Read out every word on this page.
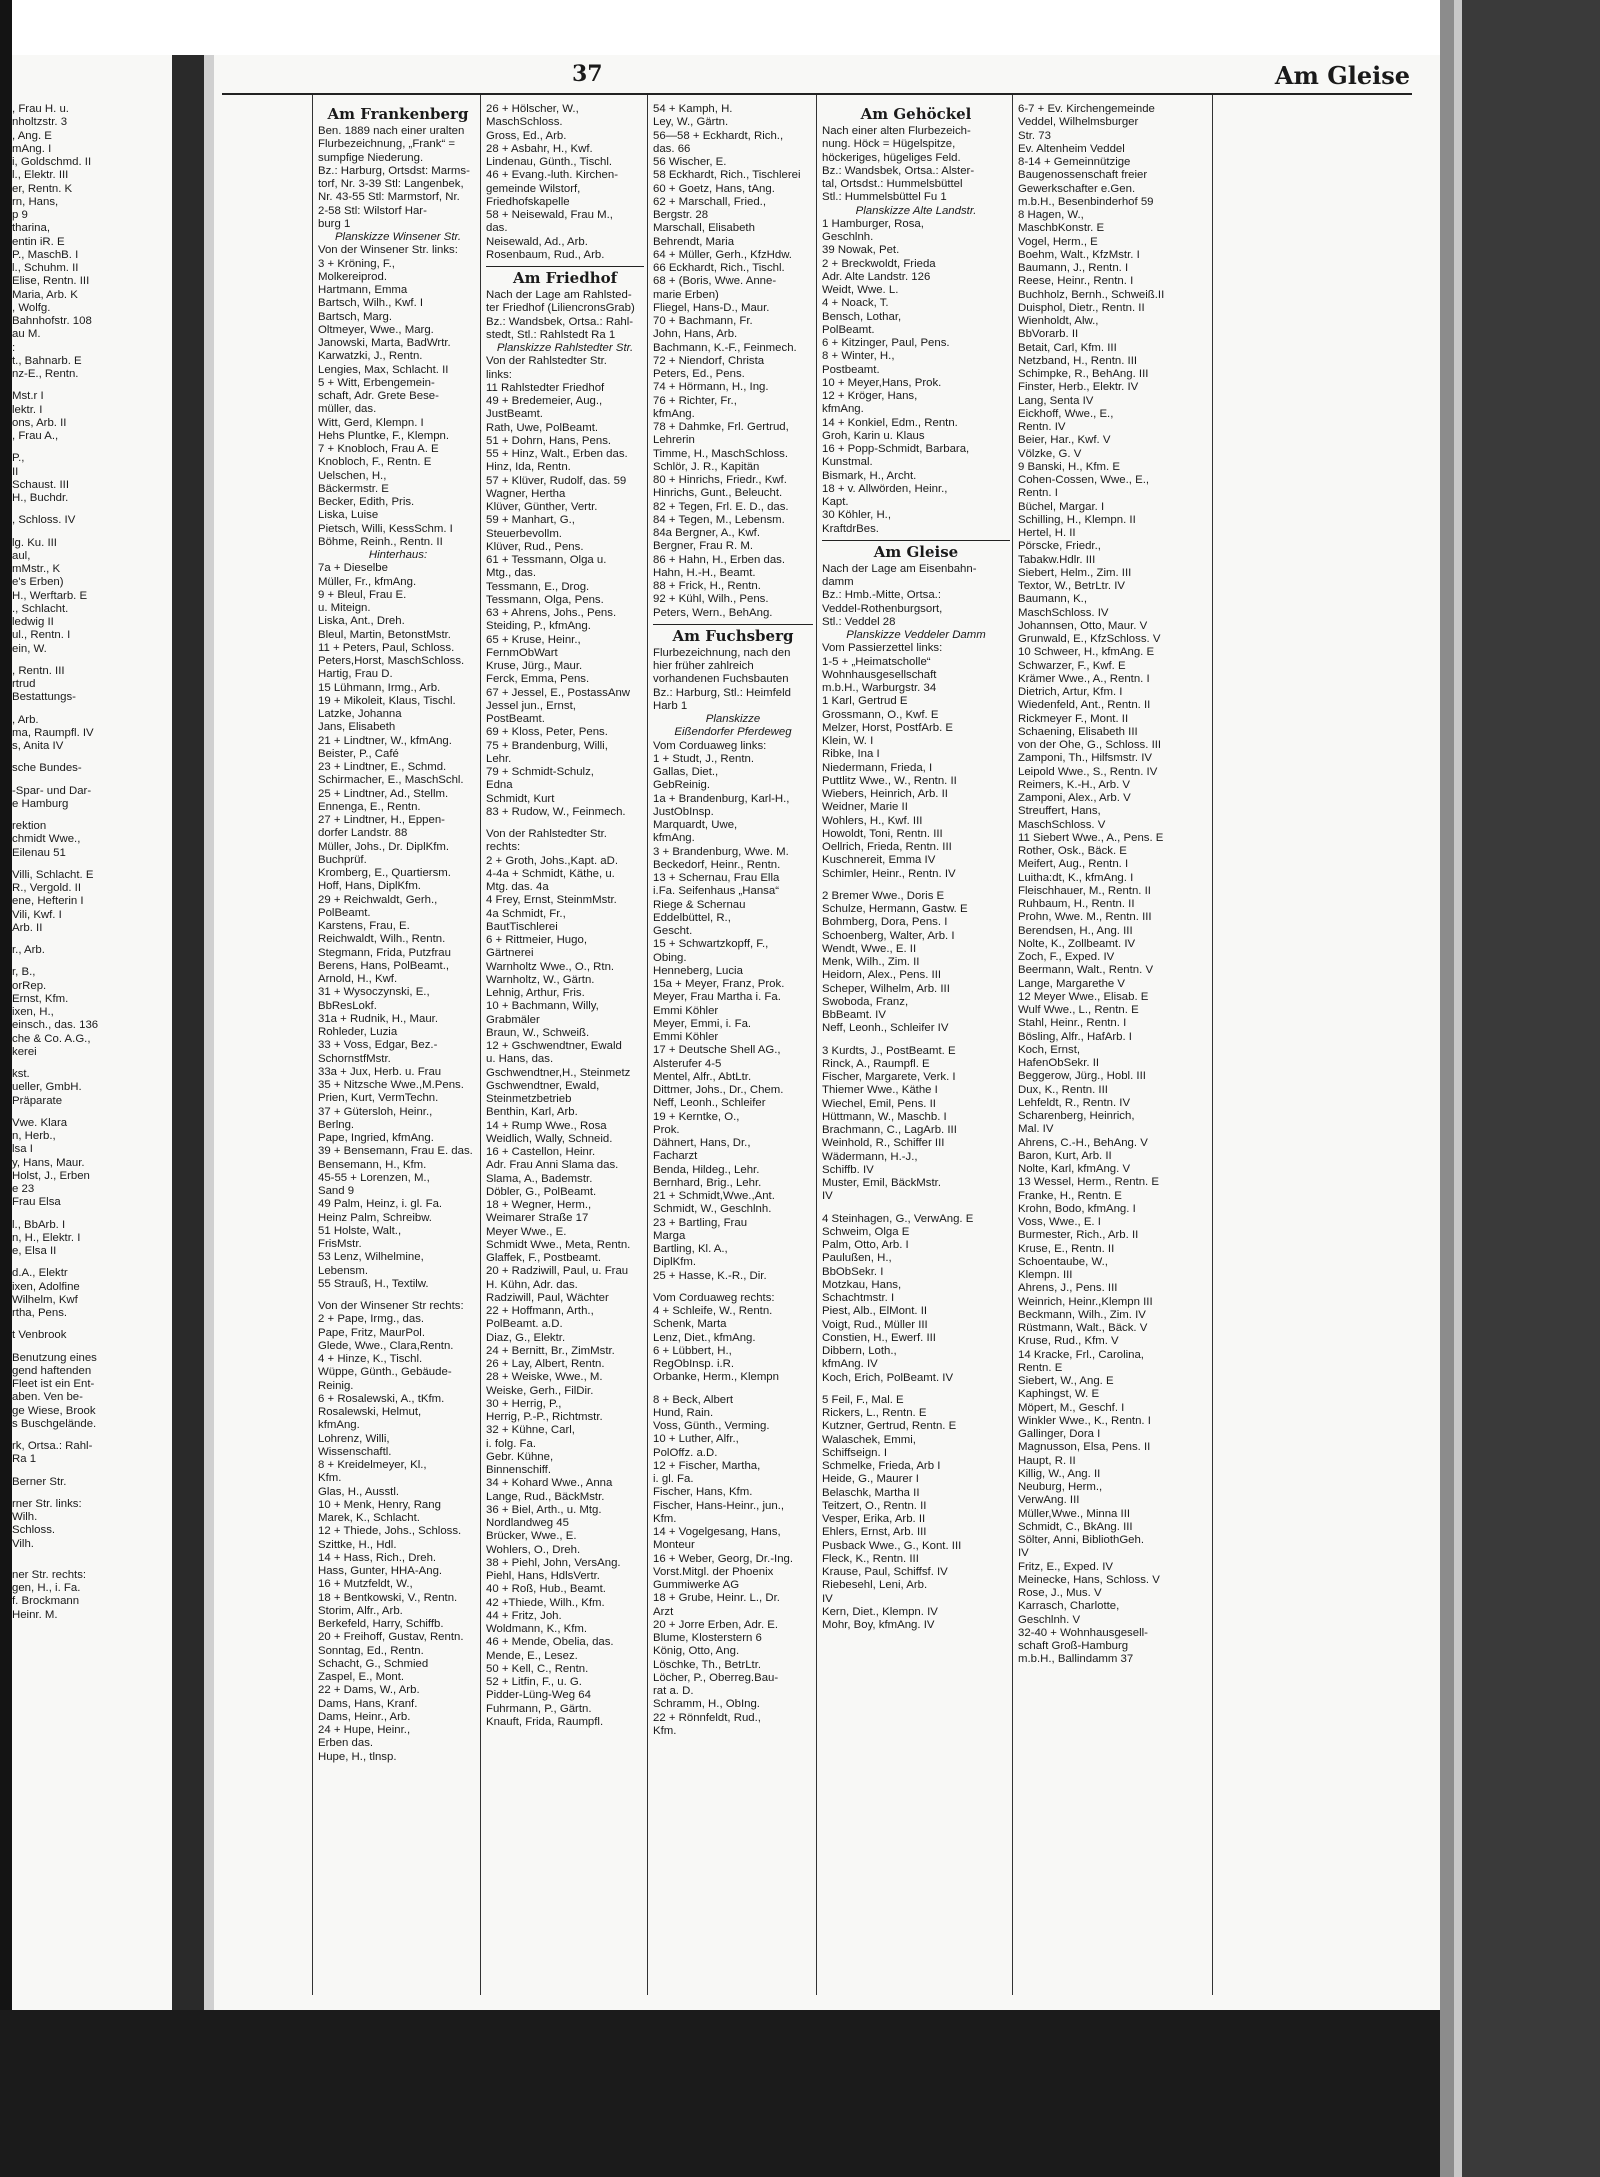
37	Am Gleise
, Frau H. u.
nholtzstr. 3
, Ang. E
mAng. I
i, Goldschmd. II
l., Elektr. III
er, Rentn. K
rn, Hans,
p 9
tharina,
entin iR. E
P., MaschB. I
l., Schuhm. II
Elise, Rentn. III
Maria, Arb. K
, Wolfg.
Bahnhofstr. 108
au M.
:
t., Bahnarb. E
nz-E., Rentn.
Mst.r I
lektr. I
ons, Arb. II
, Frau A.,
P.,
II
Schaust. III
H., Buchdr.
, Schloss. IV
lg. Ku. III
aul,
mMstr., K
e's Erben)
H., Werftarb. E
., Schlacht.
ledwig II
ul., Rentn. I
ein, W.
, Rentn. III
rtrud
Bestattungs-
, Arb.
ma, Raumpfl. IV
s, Anita IV
sche Bundes-
-Spar- und Dar-
e Hamburg
rektion
chmidt Wwe.,
Eilenau 51
Villi, Schlacht. E
R., Vergold. II
ene, Hefterin I
Vili, Kwf. I
Arb. II
r., Arb.
r, B.,
orRep.
Ernst, Kfm.
ixen, H.,
einsch., das. 136
che & Co. A.G.,
kerei
kst.
ueller, GmbH.
Präparate
Vwe. Klara
n, Herb.,
lsa I
y, Hans, Maur.
Holst, J., Erben
e 23
Frau Elsa
l., BbArb. I
n, H., Elektr. I
e, Elsa II
d.A., Elektr
ixen, Adolfine
Wilhelm, Kwf
rtha, Pens.
t Venbrook
Benutzung eines
gend haftenden
Fleet ist ein Ent-
aben. Ven be-
ge Wiese, Brook
s Buschgelände.
rk, Ortsa.: Rahl-
Ra 1
Berner Str.
rner Str. links:
Wilh.
Schloss.
Vilh.
ner Str. rechts:
gen, H., i. Fa.
f. Brockmann
Heinr. M.
Am Frankenberg
Ben. 1889 nach einer uralten
Flurbezeichnung, „Frank“ =
sumpfige Niederung.
Bz.: Harburg, Ortsdst: Marms-
torf, Nr. 3-39 Stl: Langenbek,
Nr. 43-55 Stl: Marmstorf, Nr.
2-58 Stl: Wilstorf Har-
burg 1
Planskizze Winsener Str.
Von der Winsener Str. links:
3 + Kröning, F.,
Molkereiprod.
Hartmann, Emma
Bartsch, Wilh., Kwf. I
Bartsch, Marg.
Oltmeyer, Wwe., Marg.
Janowski, Marta, BadWrtr.
Karwatzki, J., Rentn.
Lengies, Max, Schlacht. II
5 + Witt, Erbengemein-
schaft, Adr. Grete Bese-
müller, das.
Witt, Gerd, Klempn. I
Hehs Pluntke, F., Klempn.
7 + Knobloch, Frau A. E
Knobloch, F., Rentn. E
Uelschen, H.,
Bäckermstr. E
Becker, Edith, Pris.
Liska, Luise
Pietsch, Willi, KessSchm. I
Böhme, Reinh., Rentn. II
Hinterhaus:
7a + Dieselbe
Müller, Fr., kfmAng.
9 + Bleul, Frau E.
u. Miteign.
Liska, Ant., Dreh.
Bleul, Martin, BetonstMstr.
11 + Peters, Paul, Schloss.
Peters,Horst, MaschSchloss.
Hartig, Frau D.
15 Lühmann, Irmg., Arb.
19 + Mikoleit, Klaus, Tischl.
Latzke, Johanna
Jans, Elisabeth
21 + Lindtner, W., kfmAng.
Beister, P., Café
23 + Lindtner, E., Schmd.
Schirmacher, E., MaschSchl.
25 + Lindtner, Ad., Stellm.
Ennenga, E., Rentn.
27 + Lindtner, H., Eppen-
dorfer Landstr. 88
Müller, Johs., Dr. DiplKfm.
Buchprüf.
Kromberg, E., Quartiersm.
Hoff, Hans, DiplKfm.
29 + Reichwaldt, Gerh.,
PolBeamt.
Karstens, Frau, E.
Reichwaldt, Wilh., Rentn.
Stegmann, Frida, Putzfrau
Berens, Hans, PolBeamt.,
Arnold, H., Kwf.
31 + Wysoczynski, E.,
BbResLokf.
31a + Rudnik, H., Maur.
Rohleder, Luzia
33 + Voss, Edgar, Bez.-
SchornstfMstr.
33a + Jux, Herb. u. Frau
35 + Nitzsche Wwe.,M.Pens.
Prien, Kurt, VermTechn.
37 + Gütersloh, Heinr.,
Berlng.
Pape, Ingried, kfmAng.
39 + Bensemann, Frau E. das.
Bensemann, H., Kfm.
45-55 + Lorenzen, M.,
Sand 9
49 Palm, Heinz, i. gl. Fa.
Heinz Palm, Schreibw.
51 Holste, Walt.,
FrisMstr.
53 Lenz, Wilhelmine,
Lebensm.
55 Strauß, H., Textilw.
Von der Winsener Str rechts:
2 + Pape, Irmg., das.
Pape, Fritz, MaurPol.
Glede, Wwe., Clara,Rentn.
4 + Hinze, K., Tischl.
Wüppe, Günth., Gebäude-
Reinig.
6 + Rosalewski, A., tKfm.
Rosalewski, Helmut,
kfmAng.
Lohrenz, Willi,
Wissenschaftl.
8 + Kreidelmeyer, Kl.,
Kfm.
Glas, H., Ausstl.
10 + Menk, Henry, Rang
Marek, K., Schlacht.
12 + Thiede, Johs., Schloss.
Szittke, H., Hdl.
14 + Hass, Rich., Dreh.
Hass, Gunter, HHA-Ang.
16 + Mutzfeldt, W.,
18 + Bentkowski, V., Rentn.
Storim, Alfr., Arb.
Berkefeld, Harry, Schiffb.
20 + Freihoff, Gustav, Rentn.
Sonntag, Ed., Rentn.
Schacht, G., Schmied
Zaspel, E., Mont.
22 + Dams, W., Arb.
Dams, Hans, Kranf.
Dams, Heinr., Arb.
24 + Hupe, Heinr.,
Erben das.
Hupe, H., tlnsp.
26 + Hölscher, W.,
MaschSchloss.
Gross, Ed., Arb.
28 + Asbahr, H., Kwf.
Lindenau, Günth., Tischl.
46 + Evang.-luth. Kirchen-
gemeinde Wilstorf,
Friedhofskapelle
58 + Neisewald, Frau M.,
das.
Neisewald, Ad., Arb.
Rosenbaum, Rud., Arb.
Am Friedhof
Nach der Lage am Rahlsted-
ter Friedhof (LiliencronsGrab)
Bz.: Wandsbek, Ortsa.: Rahl-
stedt, Stl.: Rahlstedt Ra 1
Planskizze Rahlstedter Str.
Von der Rahlstedter Str.
links:
11 Rahlstedter Friedhof
49 + Bredemeier, Aug.,
JustBeamt.
Rath, Uwe, PolBeamt.
51 + Dohrn, Hans, Pens.
55 + Hinz, Walt., Erben das.
Hinz, Ida, Rentn.
57 + Klüver, Rudolf, das. 59
Wagner, Hertha
Klüver, Günther, Vertr.
59 + Manhart, G.,
Steuerbevollm.
Klüver, Rud., Pens.
61 + Tessmann, Olga u.
Mtg., das.
Tessmann, E., Drog.
Tessmann, Olga, Pens.
63 + Ahrens, Johs., Pens.
Steiding, P., kfmAng.
65 + Kruse, Heinr.,
FernmObWart
Kruse, Jürg., Maur.
Ferck, Emma, Pens.
67 + Jessel, E., PostassAnw
Jessel jun., Ernst,
PostBeamt.
69 + Kloss, Peter, Pens.
75 + Brandenburg, Willi,
Lehr.
79 + Schmidt-Schulz,
Edna
Schmidt, Kurt
83 + Rudow, W., Feinmech.
Von der Rahlstedter Str.
rechts:
2 + Groth, Johs.,Kapt. aD.
4-4a + Schmidt, Käthe, u.
Mtg. das. 4a
4 Frey, Ernst, SteinmMstr.
4a Schmidt, Fr.,
BautTischlerei
6 + Rittmeier, Hugo,
Gärtnerei
Warnholtz Wwe., O., Rtn.
Warnholtz, W., Gärtn.
Lehnig, Arthur, Fris.
10 + Bachmann, Willy,
Grabmäler
Braun, W., Schweiß.
12 + Gschwendtner, Ewald
u. Hans, das.
Gschwendtner,H., Steinmetz
Gschwendtner, Ewald,
Steinmetzbetrieb
Benthin, Karl, Arb.
14 + Rump Wwe., Rosa
Weidlich, Wally, Schneid.
16 + Castellon, Heinr.
Adr. Frau Anni Slama das.
Slama, A., Bademstr.
Döbler, G., PolBeamt.
18 + Wegner, Herm.,
Weimarer Straße 17
Meyer Wwe., E.
Schmidt Wwe., Meta, Rentn.
Glaffek, F., Postbeamt.
20 + Radziwill, Paul, u. Frau
H. Kühn, Adr. das.
Radziwill, Paul, Wächter
22 + Hoffmann, Arth.,
PolBeamt. a.D.
Diaz, G., Elektr.
24 + Bernitt, Br., ZimMstr.
26 + Lay, Albert, Rentn.
28 + Weiske, Wwe., M.
Weiske, Gerh., FilDir.
30 + Herrig, P.,
Herrig, P.-P., Richtmstr.
32 + Kühne, Carl,
i. folg. Fa.
Gebr. Kühne,
Binnenschiff.
34 + Kohard Wwe., Anna
Lange, Rud., BäckMstr.
36 + Biel, Arth., u. Mtg.
Nordlandweg 45
Brücker, Wwe., E.
Wohlers, O., Dreh.
38 + Piehl, John, VersAng.
Piehl, Hans, HdlsVertr.
40 + Roß, Hub., Beamt.
42 +Thiede, Wilh., Kfm.
44 + Fritz, Joh.
Woldmann, K., Kfm.
46 + Mende, Obelia, das.
Mende, E., Lesez.
50 + Kell, C., Rentn.
52 + Litfin, F., u. G.
Pidder-Lüng-Weg 64
Fuhrmann, P., Gärtn.
Knauft, Frida, Raumpfl.
54 + Kamph, H.
Ley, W., Gärtn.
56—58 + Eckhardt, Rich.,
das. 66
56 Wischer, E.
58 Eckhardt, Rich., Tischlerei
60 + Goetz, Hans, tAng.
62 + Marschall, Fried.,
Bergstr. 28
Marschall, Elisabeth
Behrendt, Maria
64 + Müller, Gerh., KfzHdw.
66 Eckhardt, Rich., Tischl.
68 + (Boris, Wwe. Anne-
marie Erben)
Fliegel, Hans-D., Maur.
70 + Bachmann, Fr.
John, Hans, Arb.
Bachmann, K.-F., Feinmech.
72 + Niendorf, Christa
Peters, Ed., Pens.
74 + Hörmann, H., Ing.
76 + Richter, Fr.,
kfmAng.
78 + Dahmke, Frl. Gertrud,
Lehrerin
Timme, H., MaschSchloss.
Schlör, J. R., Kapitän
80 + Hinrichs, Friedr., Kwf.
Hinrichs, Gunt., Beleucht.
82 + Tegen, Frl. E. D., das.
84 + Tegen, M., Lebensm.
84a Bergner, A., Kwf.
Bergner, Frau R. M.
86 + Hahn, H., Erben das.
Hahn, H.-H., Beamt.
88 + Frick, H., Rentn.
92 + Kühl, Wilh., Pens.
Peters, Wern., BehAng.
Am Fuchsberg
Flurbezeichnung, nach den
hier früher zahlreich
vorhandenen Fuchsbauten
Bz.: Harburg, Stl.: Heimfeld
Harb 1
Planskizze
Eißendorfer Pferdeweg
Vom Corduaweg links:
1 + Studt, J., Rentn.
Gallas, Diet.,
GebReinig.
1a + Brandenburg, Karl-H.,
JustObInsp.
Marquardt, Uwe,
kfmAng.
3 + Brandenburg, Wwe. M.
Beckedorf, Heinr., Rentn.
13 + Schernau, Frau Ella
i.Fa. Seifenhaus „Hansa“
Riege & Schernau
Eddelbüttel, R.,
Gescht.
15 + Schwartzkopff, F.,
Obing.
Henneberg, Lucia
15a + Meyer, Franz, Prok.
Meyer, Frau Martha i. Fa.
Emmi Köhler
Meyer, Emmi, i. Fa.
Emmi Köhler
17 + Deutsche Shell AG.,
Alsterufer 4-5
Mentel, Alfr., AbtLtr.
Dittmer, Johs., Dr., Chem.
Neff, Leonh., Schleifer
19 + Kerntke, O.,
Prok.
Dähnert, Hans, Dr.,
Facharzt
Benda, Hildeg., Lehr.
Bernhard, Brig., Lehr.
21 + Schmidt,Wwe.,Ant.
Schmidt, W., Geschlnh.
23 + Bartling, Frau
Marga
Bartling, Kl. A.,
DiplKfm.
25 + Hasse, K.-R., Dir.
Vom Corduaweg rechts:
4 + Schleife, W., Rentn.
Schenk, Marta
Lenz, Diet., kfmAng.
6 + Lübbert, H.,
RegObInsp. i.R.
Orbanke, Herm., Klempn
8 + Beck, Albert
Hund, Rain.
Voss, Günth., Verming.
10 + Luther, Alfr.,
PolOffz. a.D.
12 + Fischer, Martha,
i. gl. Fa.
Fischer, Hans, Kfm.
Fischer, Hans-Heinr., jun.,
Kfm.
14 + Vogelgesang, Hans,
Monteur
16 + Weber, Georg, Dr.-Ing.
Vorst.Mitgl. der Phoenix
Gummiwerke AG
18 + Grube, Heinr. L., Dr.
Arzt
20 + Jorre Erben, Adr. E.
Blume, Klosterstern 6
König, Otto, Ang.
Löschke, Th., BetrLtr.
Löcher, P., Oberreg.Bau-
rat a. D.
Schramm, H., ObIng.
22 + Rönnfeldt, Rud.,
Kfm.
Am Gehöckel
Nach einer alten Flurbezeich-
nung. Höck = Hügelspitze,
höckeriges, hügeliges Feld.
Bz.: Wandsbek, Ortsa.: Alster-
tal, Ortsdst.: Hummelsbüttel
Stl.: Hummelsbüttel Fu 1
Planskizze Alte Landstr.
1 Hamburger, Rosa,
Geschlnh.
39 Nowak, Pet.
2 + Breckwoldt, Frieda
Adr. Alte Landstr. 126
Weidt, Wwe. L.
4 + Noack, T.
Bensch, Lothar,
PolBeamt.
6 + Kitzinger, Paul, Pens.
8 + Winter, H.,
Postbeamt.
10 + Meyer,Hans, Prok.
12 + Kröger, Hans,
kfmAng.
14 + Konkiel, Edm., Rentn.
Groh, Karin u. Klaus
16 + Popp-Schmidt, Barbara,
Kunstmal.
Bismark, H., Archt.
18 + v. Allwörden, Heinr.,
Kapt.
30 Köhler, H.,
KraftdrBes.
Am Gleise
Nach der Lage am Eisenbahn-
damm
Bz.: Hmb.-Mitte, Ortsa.:
Veddel-Rothenburgsort,
Stl.: Veddel 28
Planskizze Veddeler Damm
Vom Passierzettel links:
1-5 + „Heimatscholle“
Wohnhausgesellschaft
m.b.H., Warburgstr. 34
1 Karl, Gertrud E
Grossmann, O., Kwf. E
Melzer, Horst, PostfArb. E
Klein, W. I
Ribke, Ina I
Niedermann, Frieda, I
Puttlitz Wwe., W., Rentn. II
Wiebers, Heinrich, Arb. II
Weidner, Marie II
Wohlers, H., Kwf. III
Howoldt, Toni, Rentn. III
Oellrich, Frieda, Rentn. III
Kuschnereit, Emma IV
Schimler, Heinr., Rentn. IV
2 Bremer Wwe., Doris E
Schulze, Hermann, Gastw. E
Bohmberg, Dora, Pens. I
Schoenberg, Walter, Arb. I
Wendt, Wwe., E. II
Menk, Wilh., Zim. II
Heidorn, Alex., Pens. III
Scheper, Wilhelm, Arb. III
Swoboda, Franz,
BbBeamt. IV
Neff, Leonh., Schleifer IV
3 Kurdts, J., PostBeamt. E
Rinck, A., Raumpfl. E
Fischer, Margarete, Verk. I
Thiemer Wwe., Käthe I
Wiechel, Emil, Pens. II
Hüttmann, W., Maschb. I
Brachmann, C., LagArb. III
Weinhold, R., Schiffer III
Wädermann, H.-J.,
Schiffb. IV
Muster, Emil, BäckMstr.
IV
4 Steinhagen, G., VerwAng. E
Schweim, Olga E
Palm, Otto, Arb. I
Paulußen, H.,
BbObSekr. I
Motzkau, Hans,
Schachtmstr. I
Piest, Alb., ElMont. II
Voigt, Rud., Müller III
Constien, H., Ewerf. III
Dibbern, Loth.,
kfmAng. IV
Koch, Erich, PolBeamt. IV
5 Feil, F., Mal. E
Rickers, L., Rentn. E
Kutzner, Gertrud, Rentn. E
Walaschek, Emmi,
Schiffseign. I
Schmelke, Frieda, Arb I
Heide, G., Maurer I
Belaschk, Martha II
Teitzert, O., Rentn. II
Vesper, Erika, Arb. II
Ehlers, Ernst, Arb. III
Pusback Wwe., G., Kont. III
Fleck, K., Rentn. III
Krause, Paul, Schiffsf. IV
Riebesehl, Leni, Arb.
IV
Kern, Diet., Klempn. IV
Mohr, Boy, kfmAng. IV
6-7 + Ev. Kirchengemeinde
Veddel, Wilhelmsburger
Str. 73
Ev. Altenheim Veddel
8-14 + Gemeinnützige
Baugenossenschaft freier
Gewerkschafter e.Gen.
m.b.H., Besenbinderhof 59
8 Hagen, W.,
MaschbKonstr. E
Vogel, Herm., E
Boehm, Walt., KfzMstr. I
Baumann, J., Rentn. I
Reese, Heinr., Rentn. I
Buchholz, Bernh., Schweiß.II
Duisphol, Dietr., Rentn. II
Wienholdt, Alw.,
BbVorarb. II
Betait, Carl, Kfm. III
Netzband, H., Rentn. III
Schimpke, R., BehAng. III
Finster, Herb., Elektr. IV
Lang, Senta IV
Eickhoff, Wwe., E.,
Rentn. IV
Beier, Har., Kwf. V
Völzke, G. V
9 Banski, H., Kfm. E
Cohen-Cossen, Wwe., E.,
Rentn. I
Büchel, Margar. I
Schilling, H., Klempn. II
Hertel, H. II
Pörscke, Friedr.,
Tabakw.Hdlr. III
Siebert, Helm., Zim. III
Textor, W., BetrLtr. IV
Baumann, K.,
MaschSchloss. IV
Johannsen, Otto, Maur. V
Grunwald, E., KfzSchloss. V
10 Schweer, H., kfmAng. E
Schwarzer, F., Kwf. E
Krämer Wwe., A., Rentn. I
Dietrich, Artur, Kfm. I
Wiedenfeld, Ant., Rentn. II
Rickmeyer F., Mont. II
Schaening, Elisabeth III
von der Ohe, G., Schloss. III
Zamponi, Th., Hilfsmstr. IV
Leipold Wwe., S., Rentn. IV
Reimers, K.-H., Arb. V
Zamponi, Alex., Arb. V
Streuffert, Hans,
MaschSchloss. V
11 Siebert Wwe., A., Pens. E
Rother, Osk., Bäck. E
Meifert, Aug., Rentn. I
Luitha:dt, K., kfmAng. I
Fleischhauer, M., Rentn. II
Ruhbaum, H., Rentn. II
Prohn, Wwe. M., Rentn. III
Berendsen, H., Ang. III
Nolte, K., Zollbeamt. IV
Zoch, F., Exped. IV
Beermann, Walt., Rentn. V
Lange, Margarethe V
12 Meyer Wwe., Elisab. E
Wulf Wwe., L., Rentn. E
Stahl, Heinr., Rentn. I
Bösling, Alfr., HafArb. I
Koch, Ernst,
HafenObSekr. II
Beggerow, Jürg., Hobl. III
Dux, K., Rentn. III
Lehfeldt, R., Rentn. IV
Scharenberg, Heinrich,
Mal. IV
Ahrens, C.-H., BehAng. V
Baron, Kurt, Arb. II
Nolte, Karl, kfmAng. V
13 Wessel, Herm., Rentn. E
Franke, H., Rentn. E
Krohn, Bodo, kfmAng. I
Voss, Wwe., E. I
Burmester, Rich., Arb. II
Kruse, E., Rentn. II
Schoentaube, W.,
Klempn. III
Ahrens, J., Pens. III
Weinrich, Heinr.,Klempn III
Beckmann, Wilh., Zim. IV
Rüstmann, Walt., Bäck. V
Kruse, Rud., Kfm. V
14 Kracke, Frl., Carolina,
Rentn. E
Siebert, W., Ang. E
Kaphingst, W. E
Möpert, M., Geschf. I
Winkler Wwe., K., Rentn. I
Gallinger, Dora I
Magnusson, Elsa, Pens. II
Haupt, R. II
Killig, W., Ang. II
Neuburg, Herm.,
VerwAng. III
Müller,Wwe., Minna III
Schmidt, C., BkAng. III
Sölter, Anni, BibliothGeh.
IV
Fritz, E., Exped. IV
Meinecke, Hans, Schloss. V
Rose, J., Mus. V
Karrasch, Charlotte,
Geschlnh. V
32-40 + Wohnhausgesell-
schaft Groß-Hamburg
m.b.H., Ballindamm 37
